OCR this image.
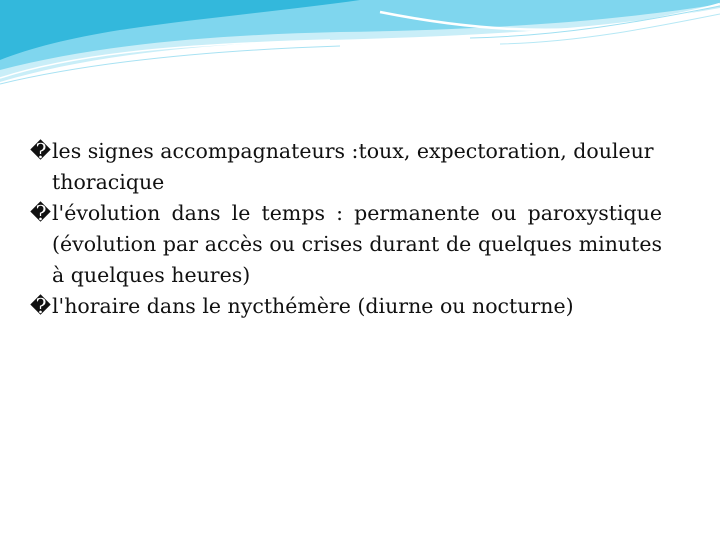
� les signes accompagnateurs :toux, expectoration, douleur thoracique
� l'évolution dans le temps : permanente ou paroxystique (évolution par accès ou crises durant de quelques minutes à quelques heures)
� l'horaire dans le nycthémère (diurne ou nocturne)
